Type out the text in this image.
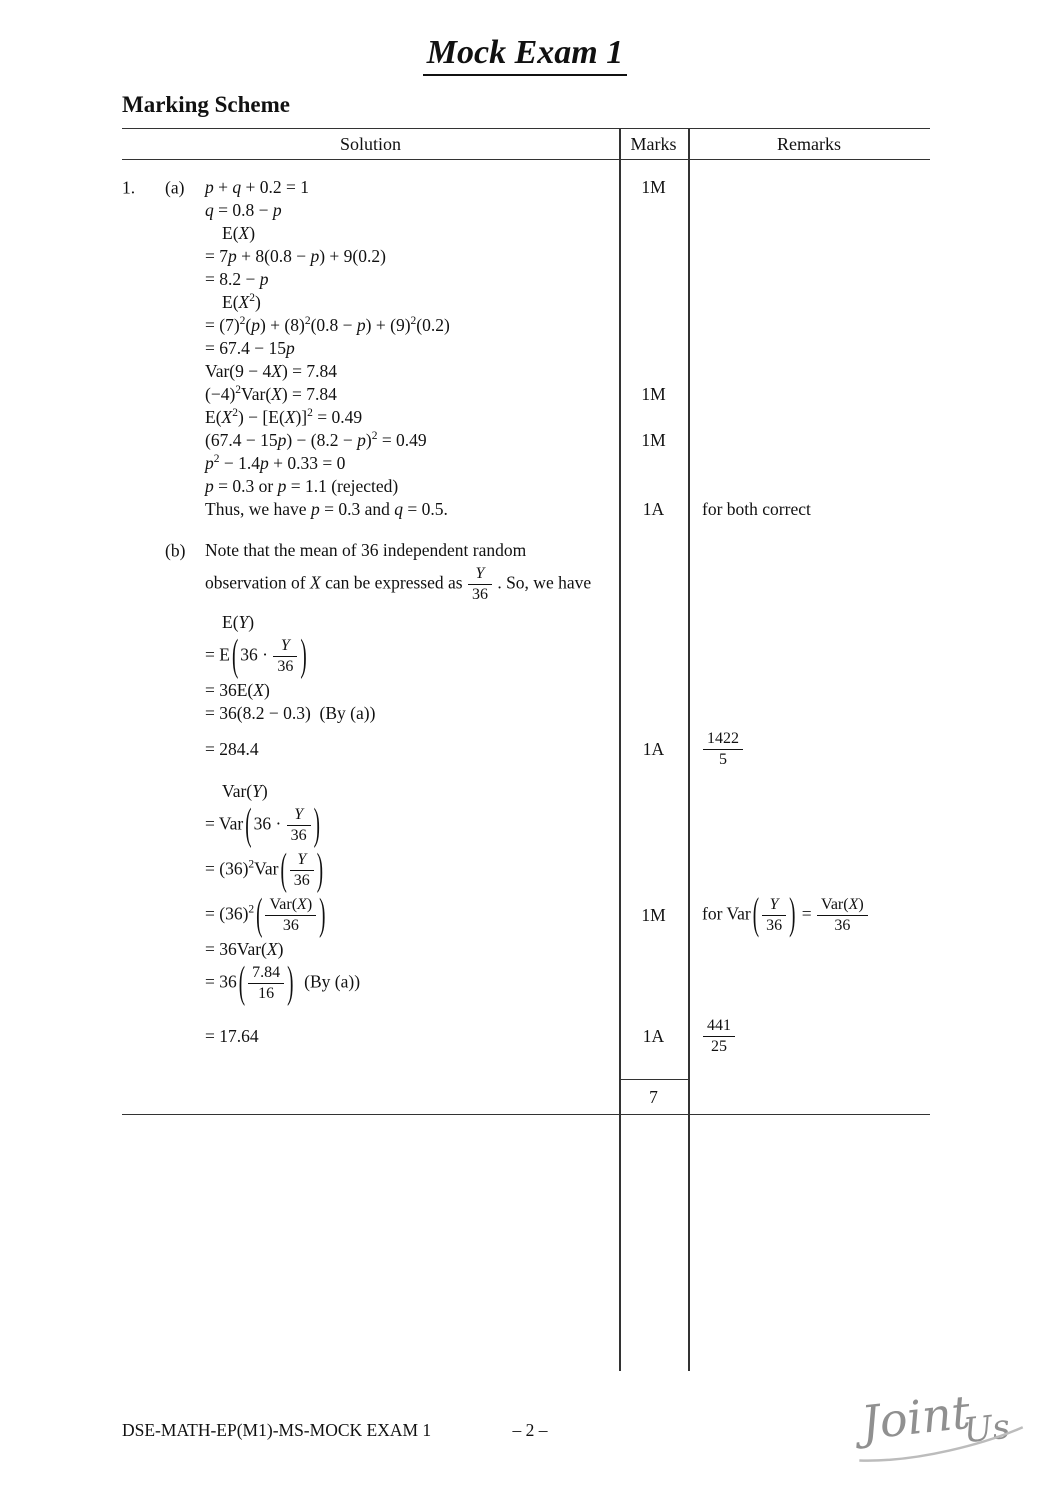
Mock Exam 1
Marking Scheme
Solution	Marks	Remarks
1. (a)	p + q + 0.2 = 1	1M
q = 0.8 − p
E(X)
= 7p + 8(0.8 − p) + 9(0.2)
= 8.2 − p
$E(X^2)$
= $(7)^2(p) + (8)^2(0.8 - p) + (9)^2(0.2)$
= 67.4 − 15p
Var(9 − 4X) = 7.84
$(-4)^2Var(X) = 7.84$	1M
$E(X^2) - [E(X)]^2 = 0.49$
$(67.4 - 15p) - (8.2 - p)^2 = 0.49$	1M
$p^2 - 1.4p + 0.33 = 0$
p = 0.3 or p = 1.1 (rejected)
Thus, we have p = 0.3 and q = 0.5.	1A	for both correct
(b)	Note that the mean of 36 independent random
observation of X can be expressed as $\frac{Y}{36}$ . So, we have
E(Y)
= E ( $36 \cdot \frac{Y}{36}$ )
= 36E(X)
= 36(8.2 − 0.3)  (By (a))
= 284.4	1A	$\frac{1422}{5}$
Var(Y)
= Var ( $36 \cdot \frac{Y}{36}$ )
= $(36)^2Var$ ( $\frac{Y}{36}$ )
= $(36)^2$ ( $\frac{\text{Var(X)}}{36}$ )	1M	for Var ( $\frac{Y}{36}$ ) = $\frac{\text{Var(X)}}{36}$
= 36Var(X)
= 36 ( $\frac{7.84}{16}$ )  (By (a))
= 17.64	1A	$\frac{441}{25}$
7
DSE-MATH-EP(M1)-MS-MOCK EXAM 1	– 2 –	JointUs
